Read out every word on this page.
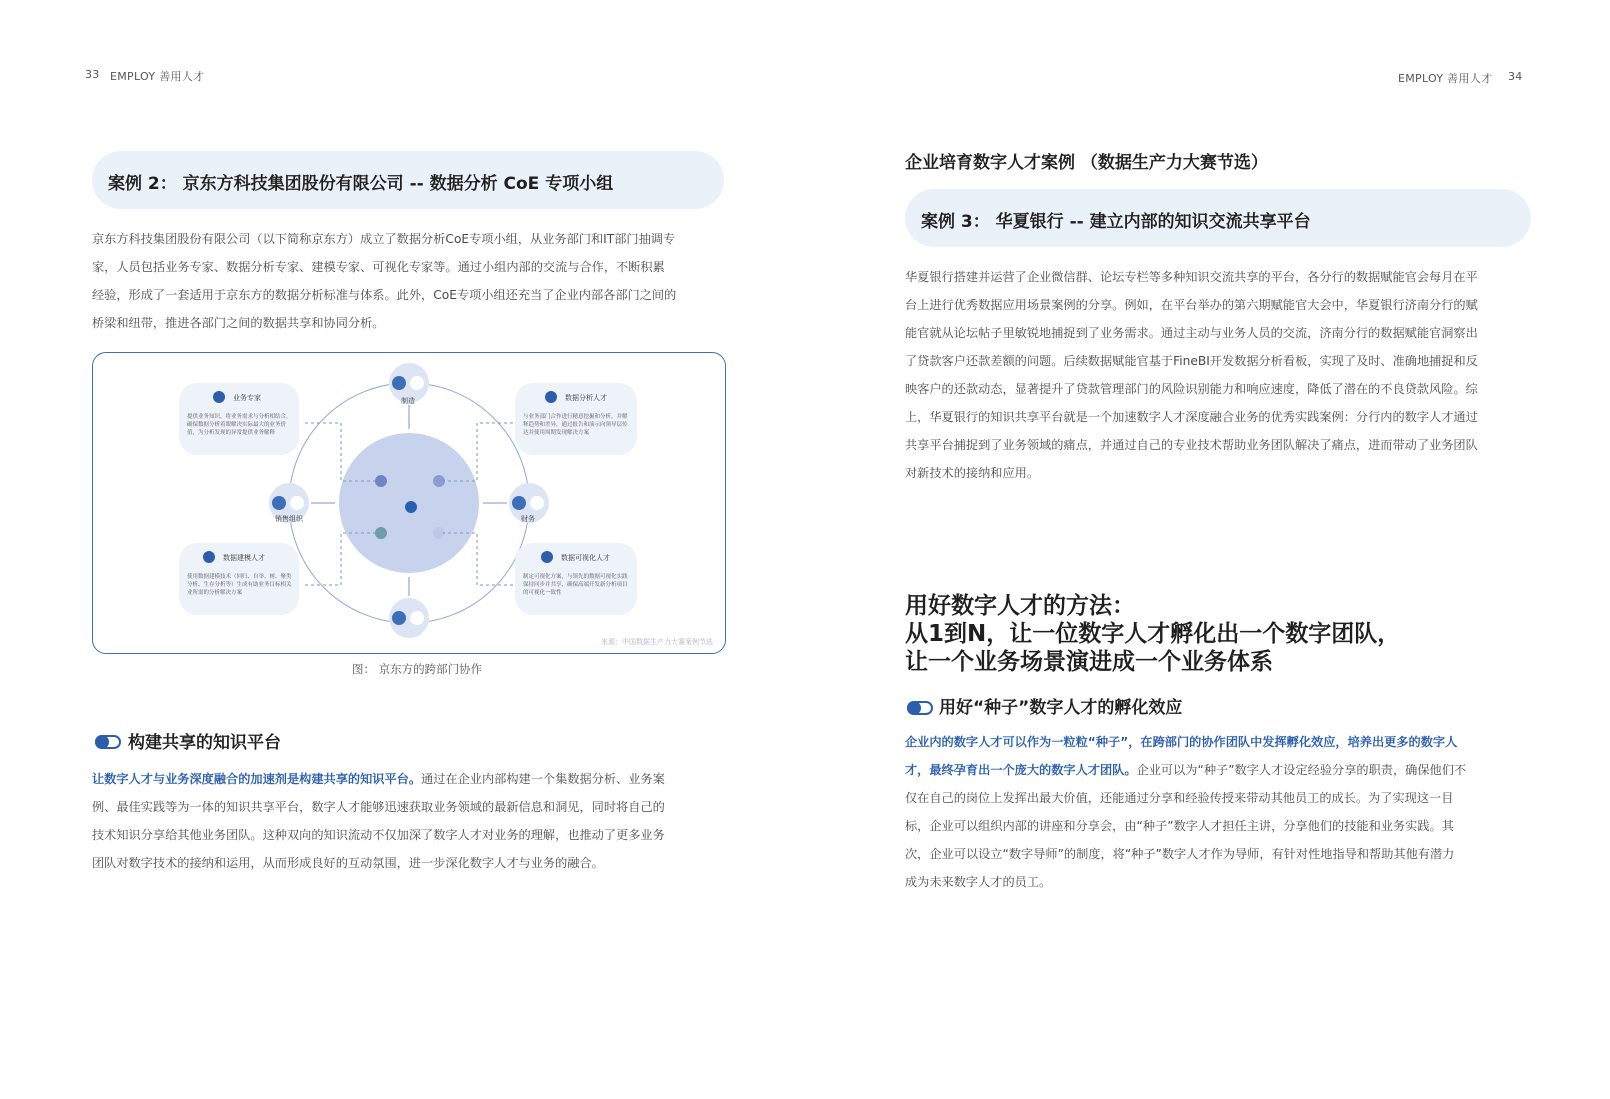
33 EMPLOY 善用人才	EMPLOY 善用人才 34
案例 2： 京东方科技集团股份有限公司 -- 数据分析 CoE 专项小组
京东方科技集团股份有限公司（以下简称京东方）成立了数据分析CoE专项小组，从业务部门和IT部门抽调专
家，人员包括业务专家、数据分析专家、建模专家、可视化专家等。通过小组内部的交流与合作，不断积累
经验，形成了一套适用于京东方的数据分析标准与体系。此外，CoE专项小组还充当了企业内部各部门之间的
桥梁和纽带，推进各部门之间的数据共享和协同分析。
制造
销售组织	财务
业务专家
提供业务知识，将业务需求与分析相结合，确保数据分析着眼解决实际最大的业务价值，为分析发现的异常提供业务解释
数据分析人才
与业务部门合作进行精意挖掘和分析，并解释趋势和差异，通过报告和演示向领导层传达并使用周期发现解决方案
数据建模人才
使用数据建模技术（回归、自举、树、聚类分析、生存分析等）生成有助业务目标相关业所需的分析解决方案
数据可视化人才
制定可视化方案，与领先的数据可视化实践保持同步并共享，确保高端开发新分析项目的可视化一致性
来源：中国数据生产力大赛案例节选
图： 京东方的跨部门协作
构建共享的知识平台
让数字人才与业务深度融合的加速剂是构建共享的知识平台。通过在企业内部构建一个集数据分析、业务案
例、最佳实践等为一体的知识共享平台，数字人才能够迅速获取业务领域的最新信息和洞见，同时将自己的
技术知识分享给其他业务团队。这种双向的知识流动不仅加深了数字人才对业务的理解，也推动了更多业务
团队对数字技术的接纳和运用，从而形成良好的互动氛围，进一步深化数字人才与业务的融合。
企业培育数字人才案例 （数据生产力大赛节选）
案例 3： 华夏银行 -- 建立内部的知识交流共享平台
华夏银行搭建并运营了企业微信群、论坛专栏等多种知识交流共享的平台，各分行的数据赋能官会每月在平
台上进行优秀数据应用场景案例的分享。例如，在平台举办的第六期赋能官大会中，华夏银行济南分行的赋
能官就从论坛帖子里敏锐地捕捉到了业务需求。通过主动与业务人员的交流，济南分行的数据赋能官洞察出
了贷款客户还款差额的问题。后续数据赋能官基于FineBI开发数据分析看板，实现了及时、准确地捕捉和反
映客户的还款动态，显著提升了贷款管理部门的风险识别能力和响应速度，降低了潜在的不良贷款风险。综
上，华夏银行的知识共享平台就是一个加速数字人才深度融合业务的优秀实践案例：分行内的数字人才通过
共享平台捕捉到了业务领域的痛点，并通过自己的专业技术帮助业务团队解决了痛点，进而带动了业务团队
对新技术的接纳和应用。
用好数字人才的方法：
从1到N，让一位数字人才孵化出一个数字团队，
让一个业务场景演进成一个业务体系
用好“种子”数字人才的孵化效应
企业内的数字人才可以作为一粒粒“种子”，在跨部门的协作团队中发挥孵化效应，培养出更多的数字人
才，最终孕育出一个庞大的数字人才团队。企业可以为“种子”数字人才设定经验分享的职责，确保他们不
仅在自己的岗位上发挥出最大价值，还能通过分享和经验传授来带动其他员工的成长。为了实现这一目
标，企业可以组织内部的讲座和分享会，由“种子”数字人才担任主讲，分享他们的技能和业务实践。其
次，企业可以设立“数字导师”的制度，将“种子”数字人才作为导师，有针对性地指导和帮助其他有潜力
成为未来数字人才的员工。
